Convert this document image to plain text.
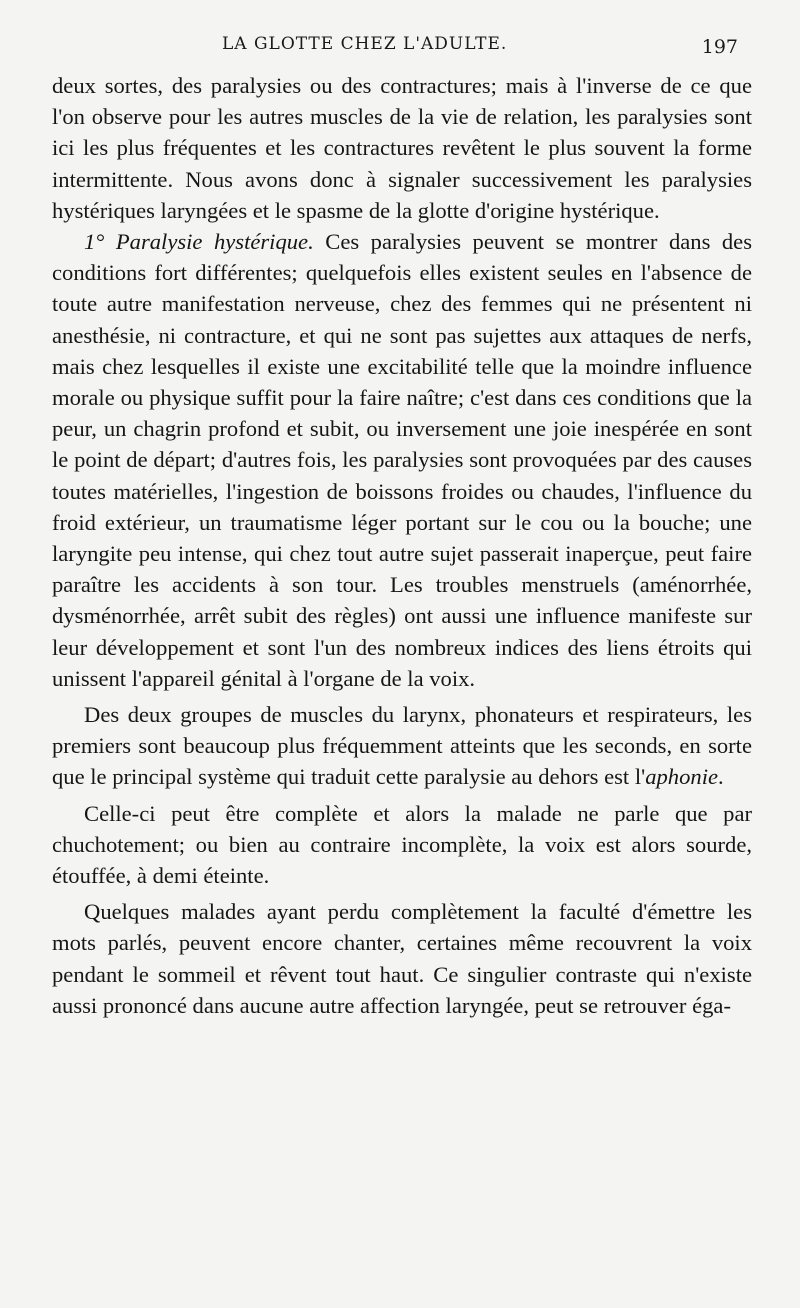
LA GLOTTE CHEZ L'ADULTE.	197

deux sortes, des paralysies ou des contractures; mais à l'inverse de ce que l'on observe pour les autres muscles de la vie de relation, les paralysies sont ici les plus fréquentes et les contractures revêtent le plus souvent la forme intermittente. Nous avons donc à signaler successivement les paralysies hystériques laryngées et le spasme de la glotte d'origine hystérique.

1° Paralysie hystérique. Ces paralysies peuvent se montrer dans des conditions fort différentes; quelquefois elles existent seules en l'absence de toute autre manifestation nerveuse, chez des femmes qui ne présentent ni anesthésie, ni contracture, et qui ne sont pas sujettes aux attaques de nerfs, mais chez lesquelles il existe une excitabilité telle que la moindre influence morale ou physique suffit pour la faire naître; c'est dans ces conditions que la peur, un chagrin profond et subit, ou inversement une joie inespérée en sont le point de départ; d'autres fois, les paralysies sont provoquées par des causes toutes matérielles, l'ingestion de boissons froides ou chaudes, l'influence du froid extérieur, un traumatisme léger portant sur le cou ou la bouche; une laryngite peu intense, qui chez tout autre sujet passerait inaperçue, peut faire paraître les accidents à son tour. Les troubles menstruels (aménorrhée, dysménorrhée, arrêt subit des règles) ont aussi une influence manifeste sur leur développement et sont l'un des nombreux indices des liens étroits qui unissent l'appareil génital à l'organe de la voix.

Des deux groupes de muscles du larynx, phonateurs et respirateurs, les premiers sont beaucoup plus fréquemment atteints que les seconds, en sorte que le principal système qui traduit cette paralysie au dehors est l'aphonie.

Celle-ci peut être complète et alors la malade ne parle que par chuchotement; ou bien au contraire incomplète, la voix est alors sourde, étouffée, à demi éteinte.

Quelques malades ayant perdu complètement la faculté d'émettre les mots parlés, peuvent encore chanter, certaines même recouvrent la voix pendant le sommeil et rêvent tout haut. Ce singulier contraste qui n'existe aussi prononcé dans aucune autre affection laryngée, peut se retrouver éga-
